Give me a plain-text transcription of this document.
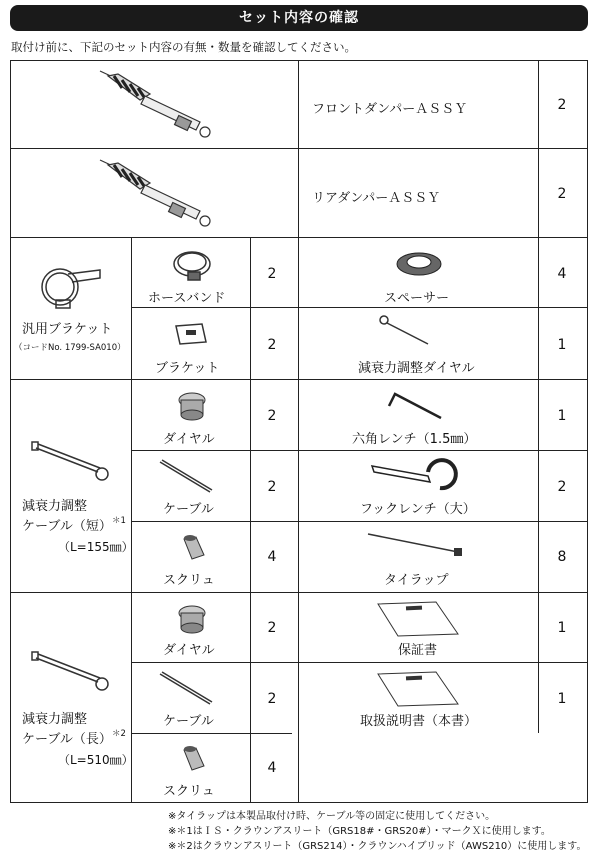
セット内容の確認
取付け前に、下記のセット内容の有無・数量を確認してください。
フロントダンパーＡＳＳＹ	2
リアダンパーＡＳＳＹ	2
汎用ブラケット
（コードNo. 1799-SA010）
ホースバンド
2
スペーサー
4
ブラケット
2
減衰力調整ダイヤル
1
減衰力調整
ケーブル（短） ＊1
（L=155㎜）
ダイヤル
2
六角レンチ（1.5㎜）
1
ケーブル
2
フックレンチ（大）
2
スクリュ
4
タイラップ
8
減衰力調整
ケーブル（長） ＊2
（L=510㎜）
ダイヤル
2
保証書
1
ケーブル
2
取扱説明書（本書）
1
スクリュ
4
※タイラップは本製品取付け時、ケーブル等の固定に使用してください。
※＊1はＩＳ・クラウンアスリート（GRS18#・GRS20#）・マークＸに使用します。
※＊2はクラウンアスリート（GRS214）・クラウンハイブリッド（AWS210）に使用します。
